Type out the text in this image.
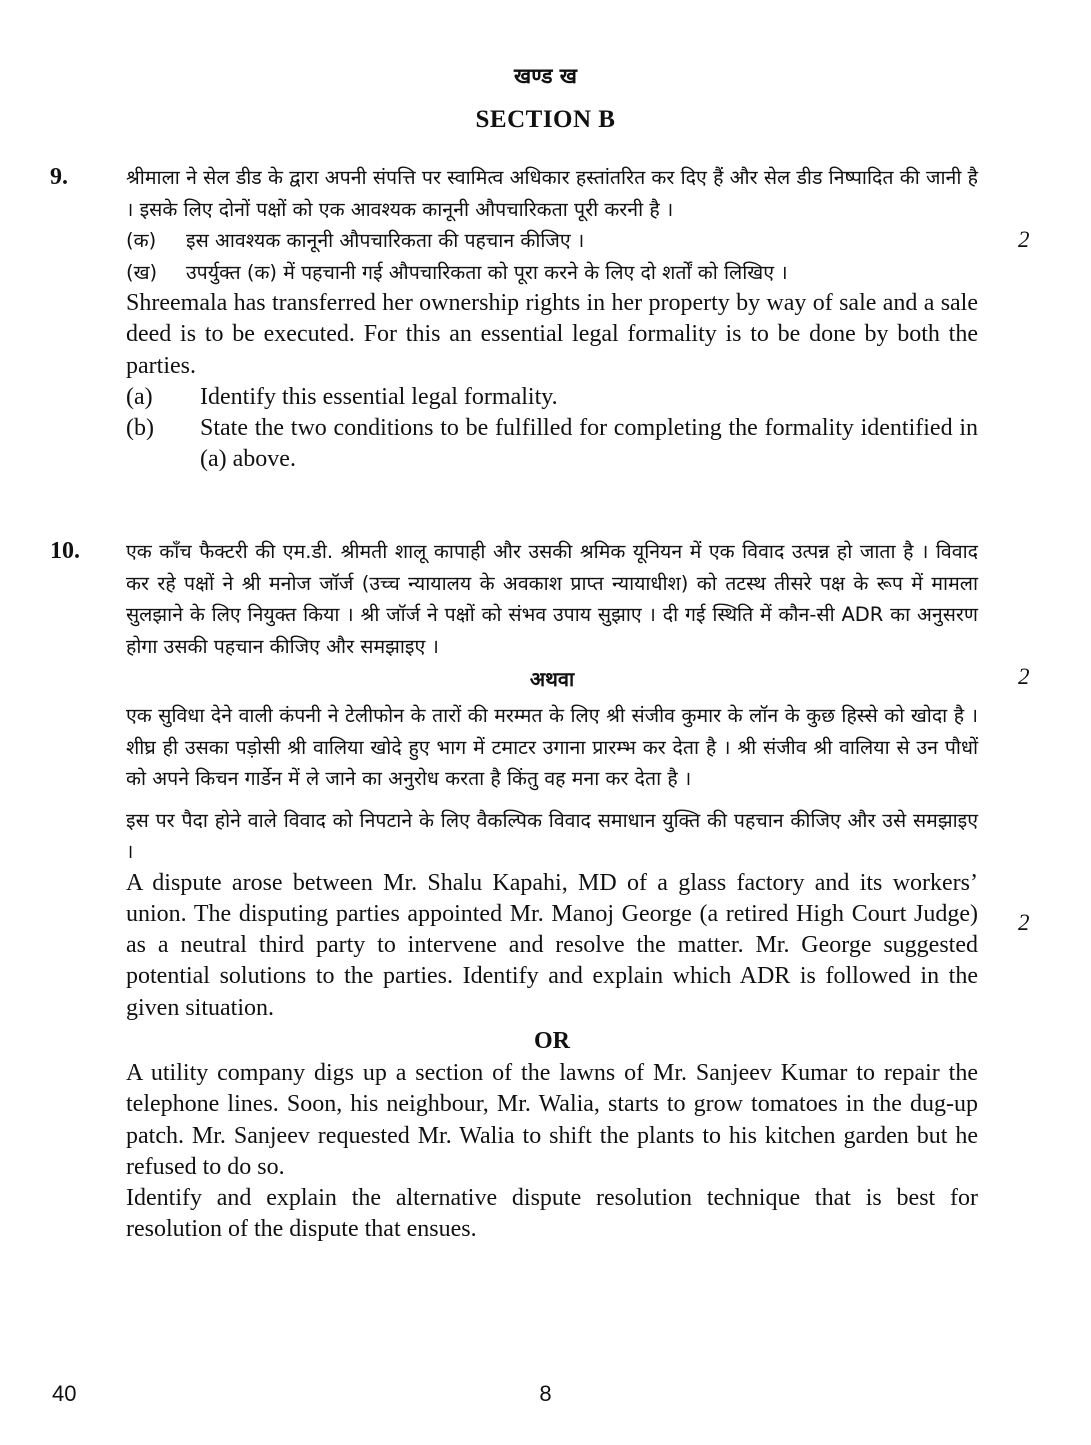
खण्ड ख
SECTION B
9.	श्रीमाला ने सेल डीड के द्वारा अपनी संपत्ति पर स्वामित्व अधिकार हस्तांतरित कर दिए हैं और सेल डीड निष्पादित की जानी है । इसके लिए दोनों पक्षों को एक आवश्यक कानूनी औपचारिकता पूरी करनी है ।

(क)	इस आवश्यक कानूनी औपचारिकता की पहचान कीजिए ।
(ख)	उपर्युक्त (क) में पहचानी गई औपचारिकता को पूरा करने के लिए दो शर्तों को लिखिए ।

Shreemala has transferred her ownership rights in her property by way of sale and a sale deed is to be executed. For this an essential legal formality is to be done by both the parties.

(a)	Identify this essential legal formality.
(b)	State the two conditions to be fulfilled for completing the formality identified in (a) above.
2
10. एक काँच फैक्टरी की एम.डी. श्रीमती शालू कापाही और उसकी श्रमिक यूनियन में एक विवाद उत्पन्न हो जाता है । विवाद कर रहे पक्षों ने श्री मनोज जॉर्ज (उच्च न्यायालय के अवकाश प्राप्त न्यायाधीश) को तटस्थ तीसरे पक्ष के रूप में मामला सुलझाने के लिए नियुक्त किया । श्री जॉर्ज ने पक्षों को संभव उपाय सुझाए । दी गई स्थिति में कौन-सी ADR का अनुसरण होगा उसकी पहचान कीजिए और समझाइए ।

अथवा

एक सुविधा देने वाली कंपनी ने टेलीफोन के तारों की मरम्मत के लिए श्री संजीव कुमार के लॉन के कुछ हिस्से को खोदा है । शीघ्र ही उसका पड़ोसी श्री वालिया खोदे हुए भाग में टमाटर उगाना प्रारम्भ कर देता है । श्री संजीव श्री वालिया से उन पौधों को अपने किचन गार्डेन में ले जाने का अनुरोध करता है किंतु वह मना कर देता है ।

इस पर पैदा होने वाले विवाद को निपटाने के लिए वैकल्पिक विवाद समाधान युक्ति की पहचान कीजिए और उसे समझाइए ।

A dispute arose between Mr. Shalu Kapahi, MD of a glass factory and its workers’ union. The disputing parties appointed Mr. Manoj George (a retired High Court Judge) as a neutral third party to intervene and resolve the matter. Mr. George suggested potential solutions to the parties. Identify and explain which ADR is followed in the given situation.

OR

A utility company digs up a section of the lawns of Mr. Sanjeev Kumar to repair the telephone lines. Soon, his neighbour, Mr. Walia, starts to grow tomatoes in the dug-up patch. Mr. Sanjeev requested Mr. Walia to shift the plants to his kitchen garden but he refused to do so.

Identify and explain the alternative dispute resolution technique that is best for resolution of the dispute that ensues.

2
2
40	8
